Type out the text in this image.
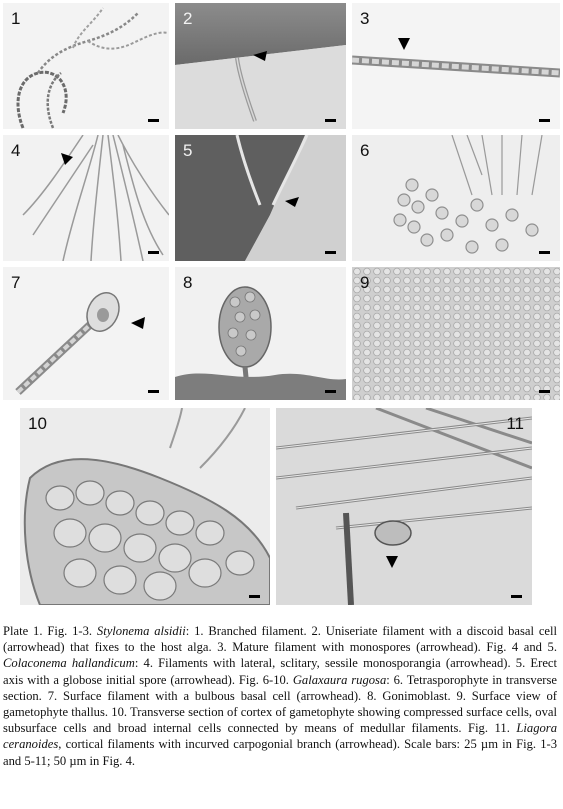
1	2	3
4	5	6
7	8	9
10	11
Plate 1. Fig. 1-3. Stylonema alsidii: 1. Branched filament. 2. Uniseriate filament with a discoid basal cell (arrowhead) that fixes to the host alga. 3. Mature filament with monospores (arrowhead). Fig. 4 and 5. Colaconema hallandicum: 4. Filaments with lateral, sclitary, sessile monosporangia (arrowhead). 5. Erect axis with a globose initial spore (arrowhead). Fig. 6-10. Galaxaura rugosa: 6. Tetrasporophyte in transverse section. 7. Surface filament with a bulbous basal cell (arrowhead). 8. Gonimoblast. 9. Surface view of gametophyte thallus. 10. Transverse section of cortex of gametophyte showing compressed surface cells, oval subsurface cells and broad internal cells connected by means of medullar filaments. Fig. 11. Liagora ceranoides, cortical filaments with incurved carpogonial branch (arrowhead). Scale bars: 25 µm in Fig. 1-3 and 5-11; 50 µm in Fig. 4.
